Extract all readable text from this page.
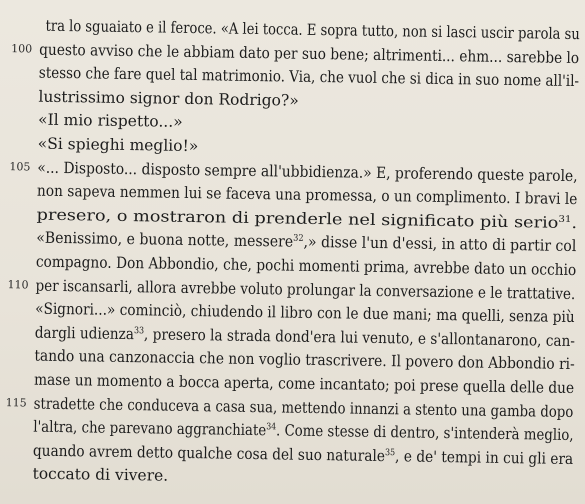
tra lo sguaiato e il feroce. «A lei tocca. E sopra tutto, non si lasci uscir parola su
100 questo avviso che le abbiam dato per suo bene; altrimenti... ehm... sarebbe lo
stesso che fare quel tal matrimonio. Via, che vuol che si dica in suo nome all'il-
lustrissimo signor don Rodrigo?»
«Il mio rispetto...»
«Si spieghi meglio!»
105 «... Disposto... disposto sempre all'ubbidienza.» E, proferendo queste parole,
non sapeva nemmen lui se faceva una promessa, o un complimento. I bravi le
presero, o mostraron di prenderle nel significato più serio$^{31}$.
«Benissimo, e buona notte, messere$^{32}$,» disse l'un d'essi, in atto di partir col
compagno. Don Abbondio, che, pochi momenti prima, avrebbe dato un occhio
110 per iscansarli, allora avrebbe voluto prolungar la conversazione e le trattative.
«Signori...» cominciò, chiudendo il libro con le due mani; ma quelli, senza più
dargli udienza$^{33}$, presero la strada dond'era lui venuto, e s'allontanarono, can-
tando una canzonaccia che non voglio trascrivere. Il povero don Abbondio ri-
mase un momento a bocca aperta, come incantato; poi prese quella delle due
115 stradette che conduceva a casa sua, mettendo innanzi a stento una gamba dopo
l'altra, che parevano aggranchiate$^{34}$. Come stesse di dentro, s'intenderà meglio,
quando avrem detto qualche cosa del suo naturale$^{35}$, e de' tempi in cui gli era
toccato di vivere.
